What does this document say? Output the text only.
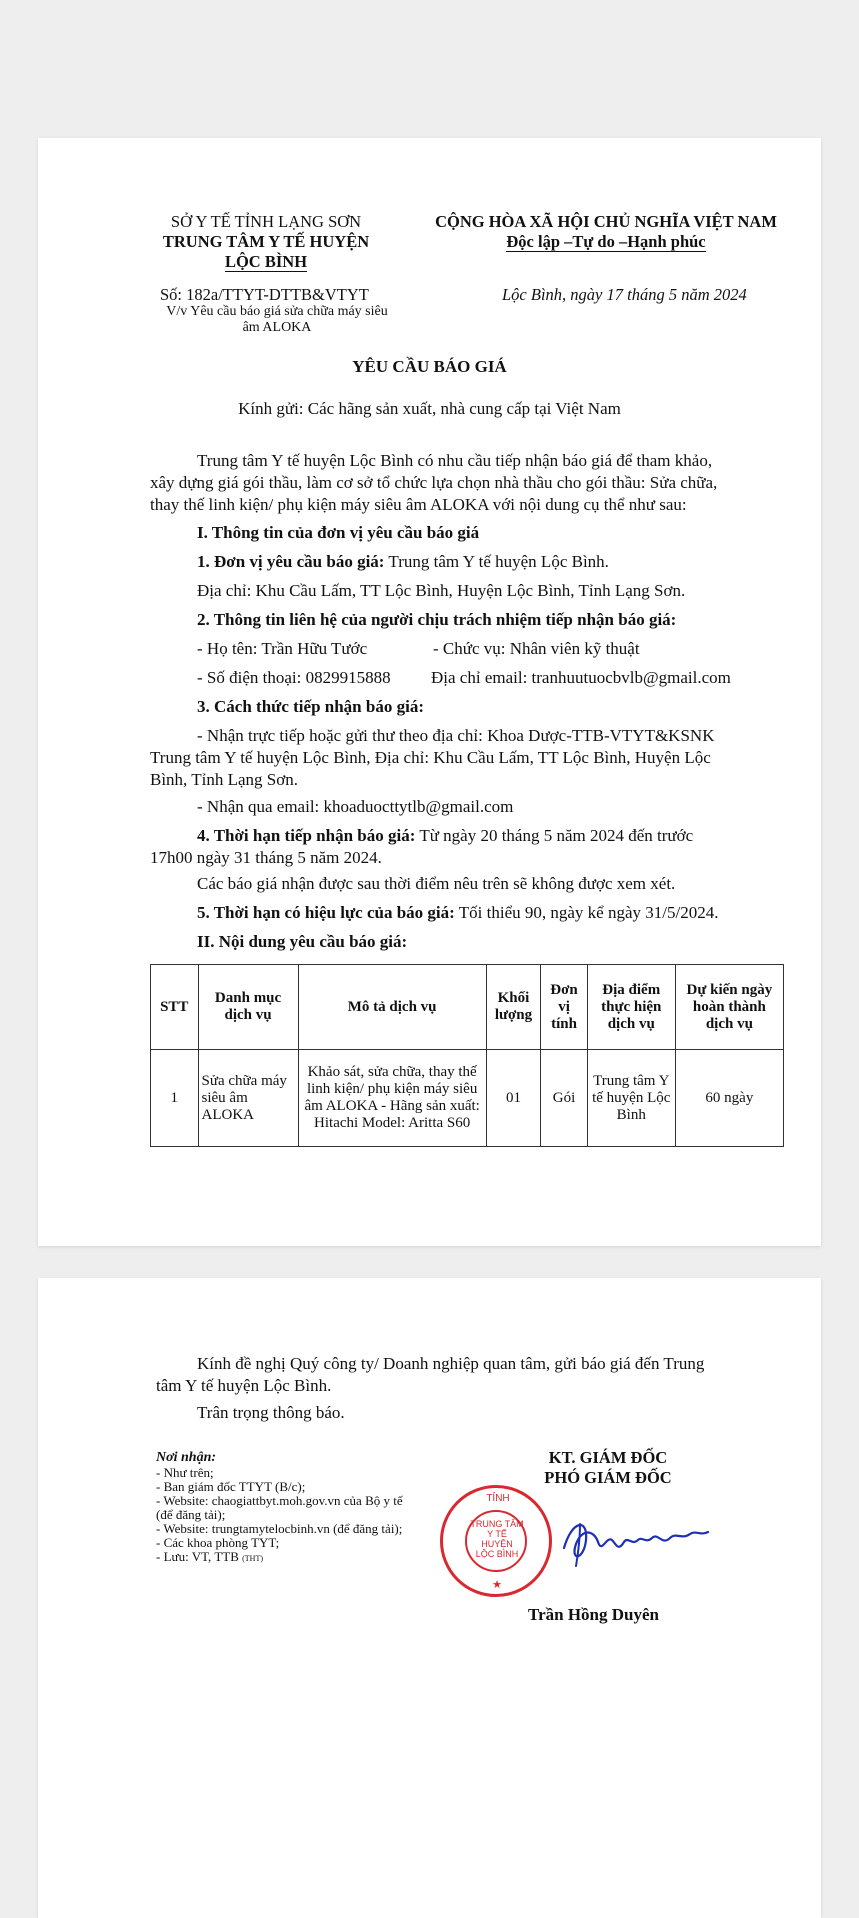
SỞ Y TẾ TỈNH LẠNG SƠN
TRUNG TÂM Y TẾ HUYỆN
LỘC BÌNH
CỘNG HÒA XÃ HỘI CHỦ NGHĨA VIỆT NAM
Độc lập –Tự do –Hạnh phúc
Số: 182a/TTYT-DTTB&VTYT
V/v Yêu cầu báo giá sửa chữa máy siêu
âm ALOKA
Lộc Bình, ngày 17 tháng 5 năm 2024
YÊU CẦU BÁO GIÁ
Kính gửi: Các hãng sản xuất, nhà cung cấp tại Việt Nam
Trung tâm Y tế huyện Lộc Bình có nhu cầu tiếp nhận báo giá để tham khảo,
xây dựng giá gói thầu, làm cơ sở tổ chức lựa chọn nhà thầu cho gói thầu: Sửa chữa,
thay thế linh kiện/ phụ kiện máy siêu âm ALOKA với nội dung cụ thể như sau:
I. Thông tin của đơn vị yêu cầu báo giá
1. Đơn vị yêu cầu báo giá: Trung tâm Y tế huyện Lộc Bình.
Địa chỉ: Khu Cầu Lấm, TT Lộc Bình, Huyện Lộc Bình, Tỉnh Lạng Sơn.
2. Thông tin liên hệ của người chịu trách nhiệm tiếp nhận báo giá:
- Họ tên: Trần Hữu Tước	- Chức vụ: Nhân viên kỹ thuật
- Số điện thoại: 0829915888 Địa chỉ email: tranhuutuocbvlb@gmail.com
3. Cách thức tiếp nhận báo giá:
- Nhận trực tiếp hoặc gửi thư theo địa chỉ: Khoa Dược-TTB-VTYT&KSNK
Trung tâm Y tế huyện Lộc Bình, Địa chỉ: Khu Cầu Lấm, TT Lộc Bình, Huyện Lộc
Bình, Tỉnh Lạng Sơn.
- Nhận qua email: khoaduocttytlb@gmail.com
4. Thời hạn tiếp nhận báo giá: Từ ngày 20 tháng 5 năm 2024 đến trước
17h00 ngày 31 tháng 5 năm 2024.
Các báo giá nhận được sau thời điểm nêu trên sẽ không được xem xét.
5. Thời hạn có hiệu lực của báo giá: Tối thiểu 90, ngày kể ngày 31/5/2024.
II. Nội dung yêu cầu báo giá:
STT	Danh mục dịch vụ	Mô tả dịch vụ	Khối lượng	Đơn vị tính	Địa điểm thực hiện dịch vụ	Dự kiến ngày hoàn thành dịch vụ
1	Sửa chữa máy siêu âm ALOKA	Khảo sát, sửa chữa, thay thế linh kiện/ phụ kiện máy siêu âm ALOKA - Hãng sản xuất: Hitachi Model: Aritta S60	01	Gói	Trung tâm Y tế huyện Lộc Bình	60 ngày
Kính đề nghị Quý công ty/ Doanh nghiệp quan tâm, gửi báo giá đến Trung
tâm Y tế huyện Lộc Bình.
Trân trọng thông báo.
Nơi nhận:
- Như trên;
- Ban giám đốc TTYT (B/c);
- Website: chaogiattbyt.moh.gov.vn của Bộ y tế
(để đăng tải);
- Website: trungtamytelocbinh.vn (để đăng tải);
- Các khoa phòng TYT;
- Lưu: VT, TTB (THT)
KT. GIÁM ĐỐC
PHÓ GIÁM ĐỐC
TỈNH
TRUNG TÂM
Y TẾ
HUYỆN
LỘC BÌNH
★
Trần Hồng Duyên
